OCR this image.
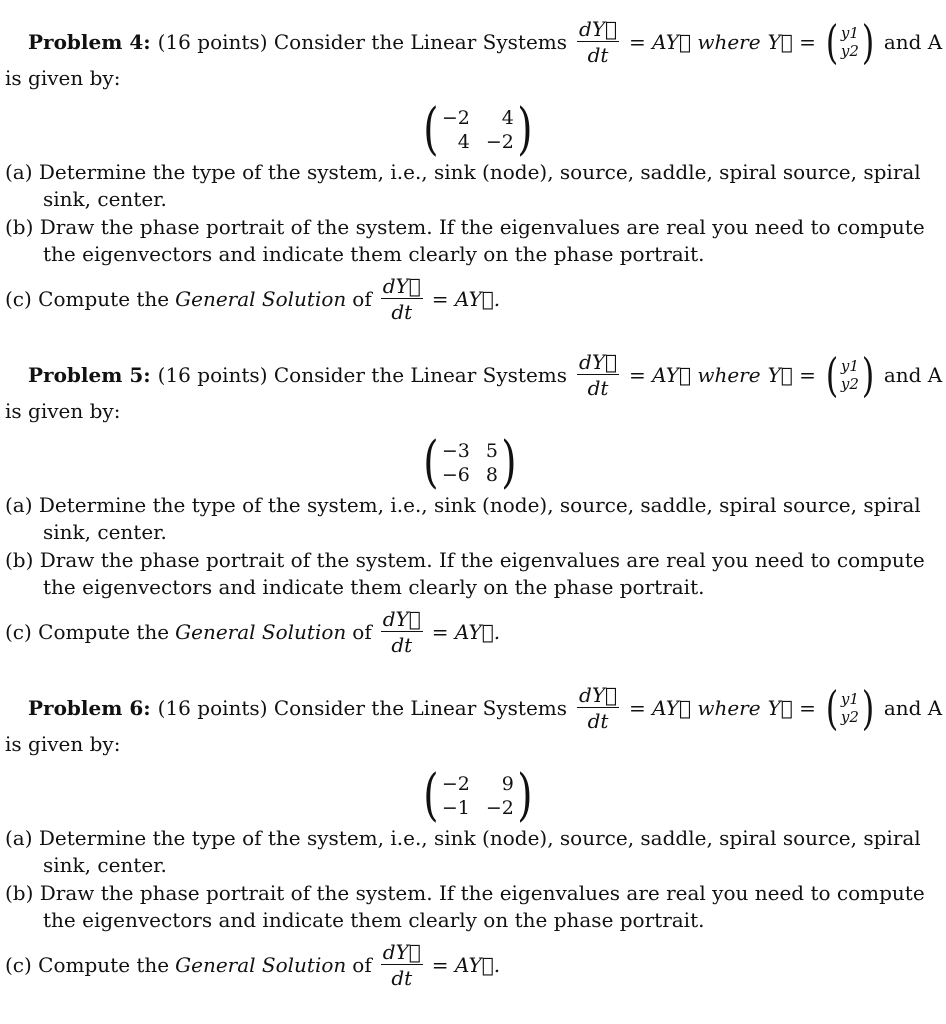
Problem 4: (16 points) Consider the Linear Systems $\frac{dY⃗}{dt}$ = AY⃗ where Y⃗ = ( y1
y2 ) and A
is given by:
( −2	4
4 −2 )
(a) Determine the type of the system, i.e., sink (node), source, saddle, spiral source, spiral
sink, center.
(b) Draw the phase portrait of the system. If the eigenvalues are real you need to compute
the eigenvectors and indicate them clearly on the phase portrait.
(c) Compute the General Solution of $\frac{dY⃗}{dt}$ = AY⃗.
Problem 5: (16 points) Consider the Linear Systems $\frac{dY⃗}{dt}$ = AY⃗ where Y⃗ = ( y1
y2 ) and A
is given by:
( −3 5
−6 8 )
(a) Determine the type of the system, i.e., sink (node), source, saddle, spiral source, spiral
sink, center.
(b) Draw the phase portrait of the system. If the eigenvalues are real you need to compute
the eigenvectors and indicate them clearly on the phase portrait.
(c) Compute the General Solution of $\frac{dY⃗}{dt}$ = AY⃗.
Problem 6: (16 points) Consider the Linear Systems $\frac{dY⃗}{dt}$ = AY⃗ where Y⃗ = ( y1
y2 ) and A
is given by:
( −2	9
−1 −2 )
(a) Determine the type of the system, i.e., sink (node), source, saddle, spiral source, spiral
sink, center.
(b) Draw the phase portrait of the system. If the eigenvalues are real you need to compute
the eigenvectors and indicate them clearly on the phase portrait.
(c) Compute the General Solution of $\frac{dY⃗}{dt}$ = AY⃗.
